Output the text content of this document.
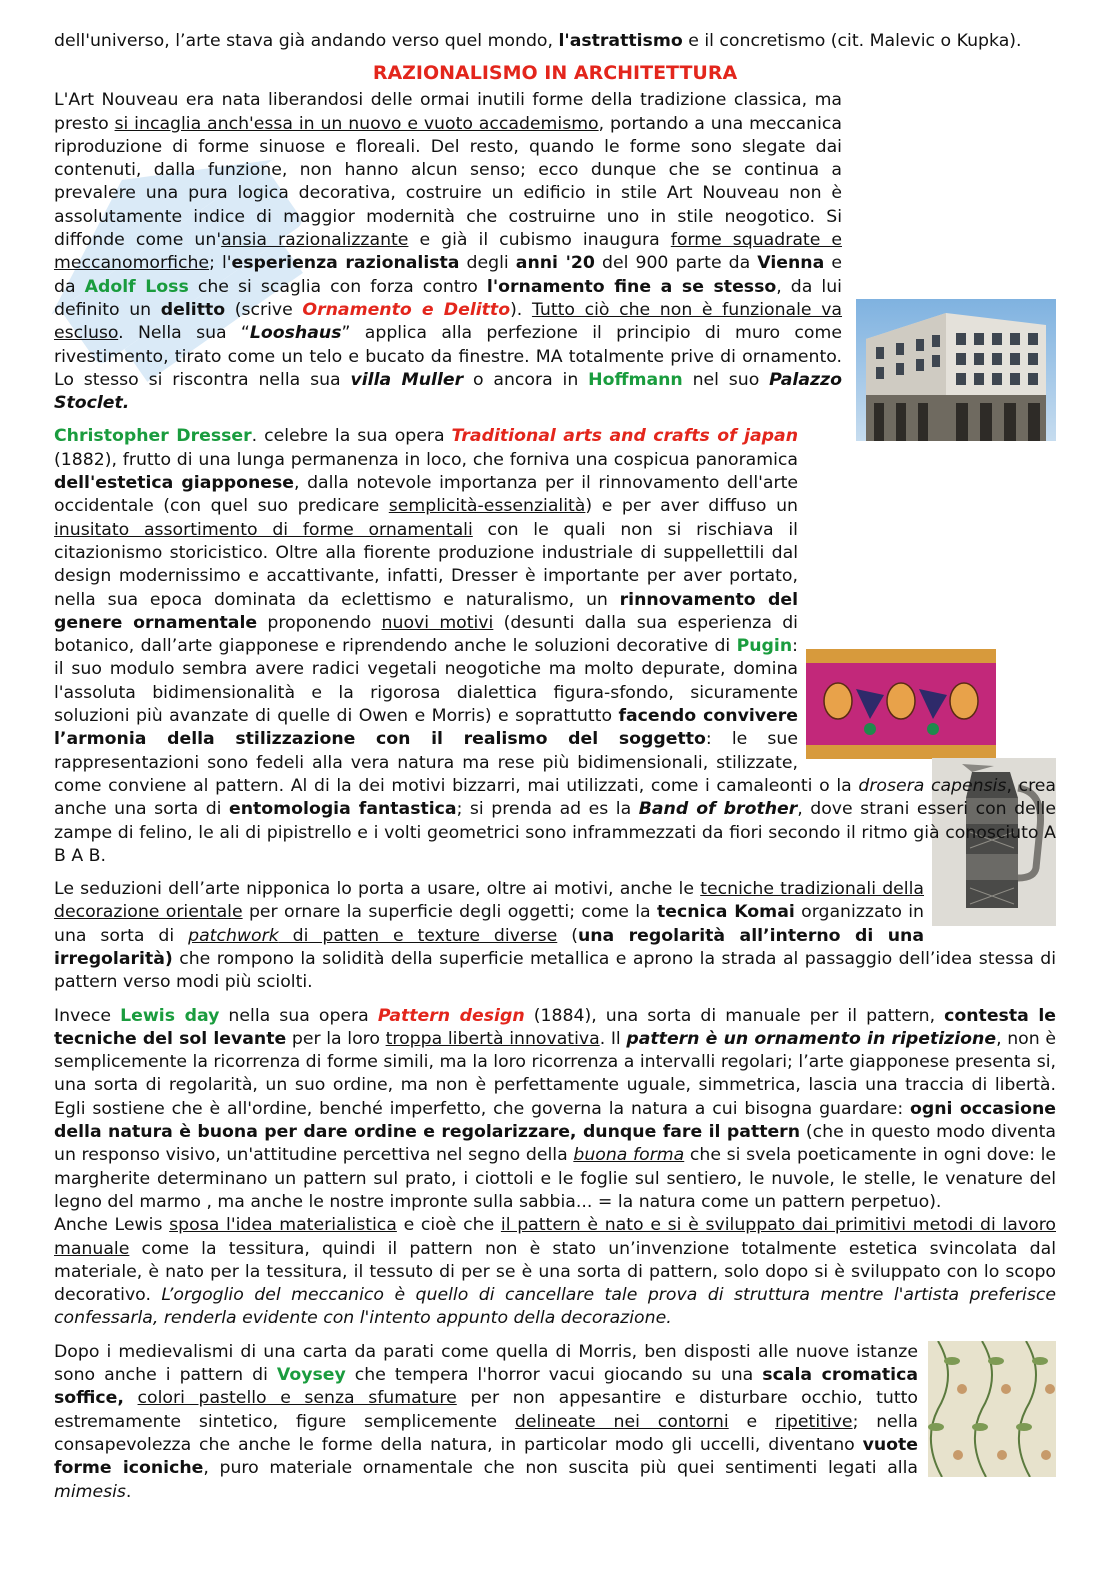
dell'universo, l’arte stava già andando verso quel mondo, l'astrattismo e il concretismo (cit. Malevic o Kupka).

RAZIONALISMO IN ARCHITETTURA

L'Art Nouveau era nata liberandosi delle ormai inutili forme della tradizione classica, ma presto si incaglia anch'essa in un nuovo e vuoto accademismo, portando a una meccanica riproduzione di forme sinuose e floreali. Del resto, quando le forme sono slegate dai contenuti, dalla funzione, non hanno alcun senso; ecco dunque che se continua a prevalere una pura logica decorativa, costruire un edificio in stile Art Nouveau non è assolutamente indice di maggior modernità che costruirne uno in stile neogotico. Si diffonde come un'ansia razionalizzante e già il cubismo inaugura forme squadrate e meccanomorfiche; l'esperienza razionalista degli anni '20 del 900 parte da Vienna e da Adolf Loss che si scaglia con forza contro l'ornamento fine a se stesso, da lui definito un delitto (scrive Ornamento e Delitto). Tutto ciò che non è funzionale va escluso. Nella sua “Looshaus” applica alla perfezione il principio di muro come rivestimento, tirato come un telo e bucato da finestre. MA totalmente prive di ornamento. Lo stesso si riscontra nella sua villa Muller o ancora in Hoffmann nel suo Palazzo Stoclet.

Christopher Dresser. celebre la sua opera Traditional arts and crafts of japan (1882), frutto di una lunga permanenza in loco, che forniva una cospicua panoramica dell'estetica giapponese, dalla notevole importanza per il rinnovamento dell'arte occidentale (con quel suo predicare semplicità-essenzialità) e per aver diffuso un inusitato assortimento di forme ornamentali con le quali non si rischiava il citazionismo storicistico. Oltre alla fiorente produzione industriale di suppellettili dal design modernissimo e accattivante, infatti, Dresser è importante per aver portato, nella sua epoca dominata da eclettismo e naturalismo, un rinnovamento del genere ornamentale proponendo nuovi motivi (desunti dalla sua esperienza di botanico, dall’arte giapponese e riprendendo anche le soluzioni decorative di Pugin: il suo modulo sembra avere radici vegetali neogotiche ma molto depurate, domina l'assoluta bidimensionalità e la rigorosa dialettica figura-sfondo, sicuramente soluzioni più avanzate di quelle di Owen e Morris) e soprattutto facendo convivere l’armonia della stilizzazione con il realismo del soggetto: le sue rappresentazioni sono fedeli alla vera natura ma rese più bidimensionali, stilizzate, come conviene al pattern. Al di la dei motivi bizzarri, mai utilizzati, come i camaleonti o la drosera capensis, crea anche una sorta di entomologia fantastica; si prenda ad es la Band of brother, dove strani esseri con delle zampe di felino, le ali di pipistrello e i volti geometrici sono inframmezzati da fiori secondo il ritmo già conosciuto A B A B.

Le seduzioni dell’arte nipponica lo porta a usare, oltre ai motivi, anche le tecniche tradizionali della decorazione orientale per ornare la superficie degli oggetti; come la tecnica Komai organizzato in una sorta di patchwork di patten e texture diverse (una regolarità all’interno di una irregolarità) che rompono la solidità della superficie metallica e aprono la strada al passaggio dell’idea stessa di pattern verso modi più sciolti.

Invece Lewis day nella sua opera Pattern design (1884), una sorta di manuale per il pattern, contesta le tecniche del sol levante per la loro troppa libertà innovativa. Il pattern è un ornamento in ripetizione, non è semplicemente la ricorrenza di forme simili, ma la loro ricorrenza a intervalli regolari; l’arte giapponese presenta si, una sorta di regolarità, un suo ordine, ma non è perfettamente uguale, simmetrica, lascia una traccia di libertà. Egli sostiene che è all'ordine, benché imperfetto, che governa la natura a cui bisogna guardare: ogni occasione della natura è buona per dare ordine e regolarizzare, dunque fare il pattern (che in questo modo diventa un responso visivo, un'attitudine percettiva nel segno della buona forma che si svela poeticamente in ogni dove: le margherite determinano un pattern sul prato, i ciottoli e le foglie sul sentiero, le nuvole, le stelle, le venature del legno del marmo , ma anche le nostre impronte sulla sabbia... = la natura come un pattern perpetuo).

Anche Lewis sposa l'idea materialistica e cioè che il pattern è nato e si è sviluppato dai primitivi metodi di lavoro manuale come la tessitura, quindi il pattern non è stato un’invenzione totalmente estetica svincolata dal materiale, è nato per la tessitura, il tessuto di per se è una sorta di pattern, solo dopo si è sviluppato con lo scopo decorativo. L’orgoglio del meccanico è quello di cancellare tale prova di struttura mentre l'artista preferisce confessarla, renderla evidente con l'intento appunto della decorazione.

Dopo i medievalismi di una carta da parati come quella di Morris, ben disposti alle nuove istanze sono anche i pattern di Voysey che tempera l'horror vacui giocando su una scala cromatica soffice, colori pastello e senza sfumature per non appesantire e disturbare occhio, tutto estremamente sintetico, figure semplicemente delineate nei contorni e ripetitive; nella consapevolezza che anche le forme della natura, in particolar modo gli uccelli, diventano vuote forme iconiche, puro materiale ornamentale che non suscita più quei sentimenti legati alla mimesis.
